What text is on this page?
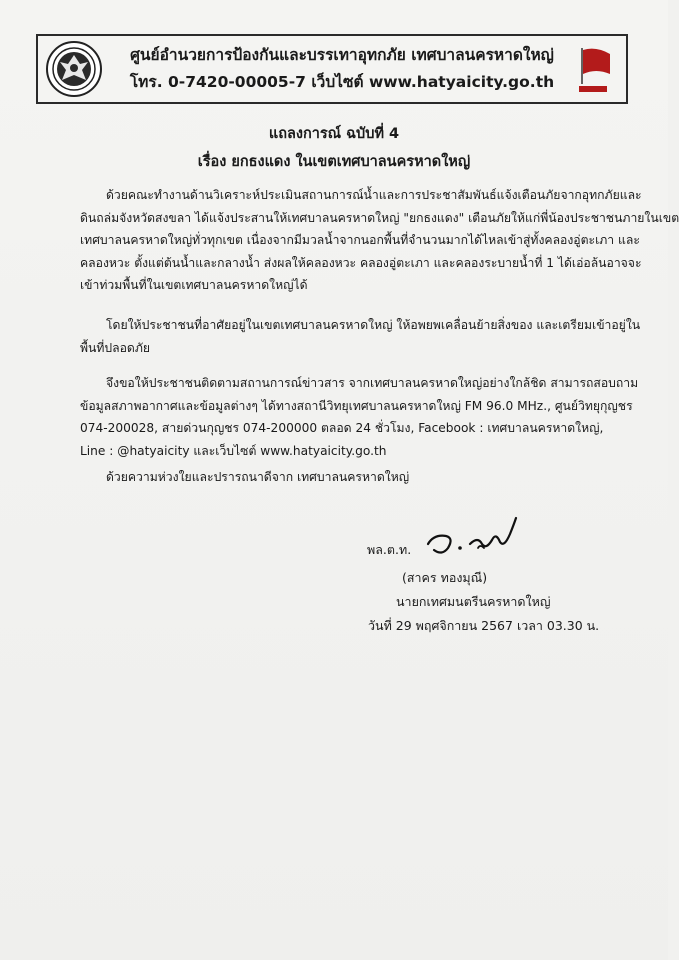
ศูนย์อำนวยการป้องกันและบรรเทาอุทกภัย เทศบาลนครหาดใหญ่
โทร. 0-7420-00005-7 เว็บไซต์ www.hatyaicity.go.th
แถลงการณ์ ฉบับที่ 4
เรื่อง ยกธงแดง ในเขตเทศบาลนครหาดใหญ่
ด้วยคณะทำงานด้านวิเคราะห์ประเมินสถานการณ์น้ำและการประชาสัมพันธ์แจ้งเตือนภัยจากอุทกภัยและ
ดินถล่มจังหวัดสงขลา ได้แจ้งประสานให้เทศบาลนครหาดใหญ่ "ยกธงแดง" เตือนภัยให้แก่พี่น้องประชาชนภายในเขต
เทศบาลนครหาดใหญ่ทั่วทุกเขต เนื่องจากมีมวลน้ำจากนอกพื้นที่จำนวนมากได้ไหลเข้าสู่ทั้งคลองอู่ตะเภา และ
คลองหวะ ตั้งแต่ต้นน้ำและกลางน้ำ ส่งผลให้คลองหวะ คลองอู่ตะเภา และคลองระบายน้ำที่ 1 ได้เอ่อล้นอาจจะ
เข้าท่วมพื้นที่ในเขตเทศบาลนครหาดใหญ่ได้
โดยให้ประชาชนที่อาศัยอยู่ในเขตเทศบาลนครหาดใหญ่ ให้อพยพเคลื่อนย้ายสิ่งของ และเตรียมเข้าอยู่ใน
พื้นที่ปลอดภัย
จึงขอให้ประชาชนติดตามสถานการณ์ข่าวสาร จากเทศบาลนครหาดใหญ่อย่างใกล้ชิด สามารถสอบถาม
ข้อมูลสภาพอากาศและข้อมูลต่างๆ ได้ทางสถานีวิทยุเทศบาลนครหาดใหญ่ FM 96.0 MHz., ศูนย์วิทยุกุญชร
074-200028, สายด่วนกุญชร 074-200000 ตลอด 24 ชั่วโมง, Facebook : เทศบาลนครหาดใหญ่,
Line : @hatyaicity และเว็บไซต์ www.hatyaicity.go.th
ด้วยความห่วงใยและปรารถนาดีจาก เทศบาลนครหาดใหญ่
พล.ต.ท.
(สาคร ทองมุณี)
นายกเทศมนตรีนครหาดใหญ่
วันที่ 29 พฤศจิกายน 2567 เวลา 03.30 น.
